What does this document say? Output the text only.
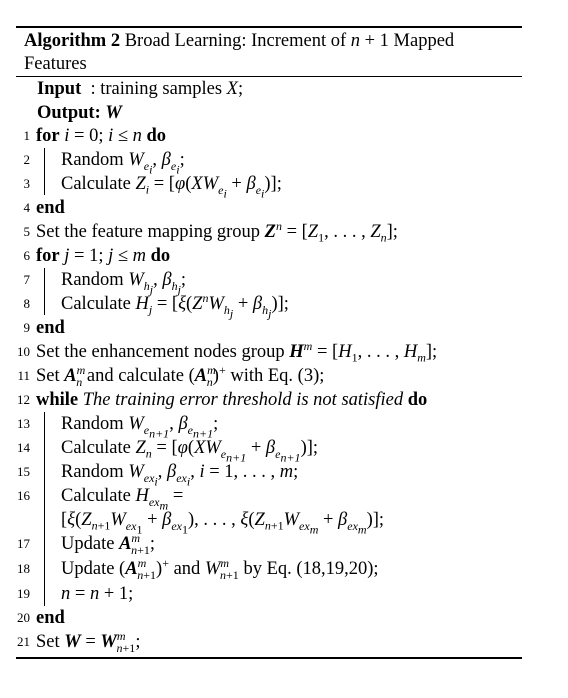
Algorithm 2 Broad Learning: Increment of n + 1 Mapped
Features
Input  : training samples X;
Output: W
1 for i = 0; i ≤ n do
2 Random $W_{e_i}$, $\beta_{e_i}$;
3 Calculate $Z_i = [\varphi(XW_{e_i} + \beta_{e_i})]$;
4 end
5 Set the feature mapping group $Z^n = [Z_1$, . . . , $Z_n$];
6 for j = 1; j ≤ m do
7 Random $W_{h_j}$, $\beta_{h_j}$;
8 Calculate $H_j = [\xi(Z^nW_{h_j} + \beta_{h_j})]$;
9 end
10 Set the enhancement nodes group $H^m = [H_1$, . . . , $H_m$];
11 Set $A^m_n$ and calculate $(A^m_n)^+$ with Eq. (3);
12 while The training error threshold is not satisfied do
13 Random $W_{e_{n+1}}$, $\beta_{e_{n+1}}$;
14 Calculate $Z_n = [\varphi(XW_{e_{n+1}} + \beta_{e_{n+1}})]$;
15 Random $W_{ex_i}$, $\beta_{ex_i}$, i = 1, . . . , m;
16 Calculate $H_{ex_m}$ =
[$\xi(Z_{n+1}W_{ex_1} + \beta_{ex_1})$, . . . , $\xi(Z_{n+1}W_{ex_m} + \beta_{ex_m})$];
17 Update $A^m_{n+1}$;
18 Update $(A^m_{n+1})^+$ and $W^m_{n+1}$ by Eq. (18,19,20);
19 n = n + 1;
20 end
21 Set $W = W^m_{n+1}$;
